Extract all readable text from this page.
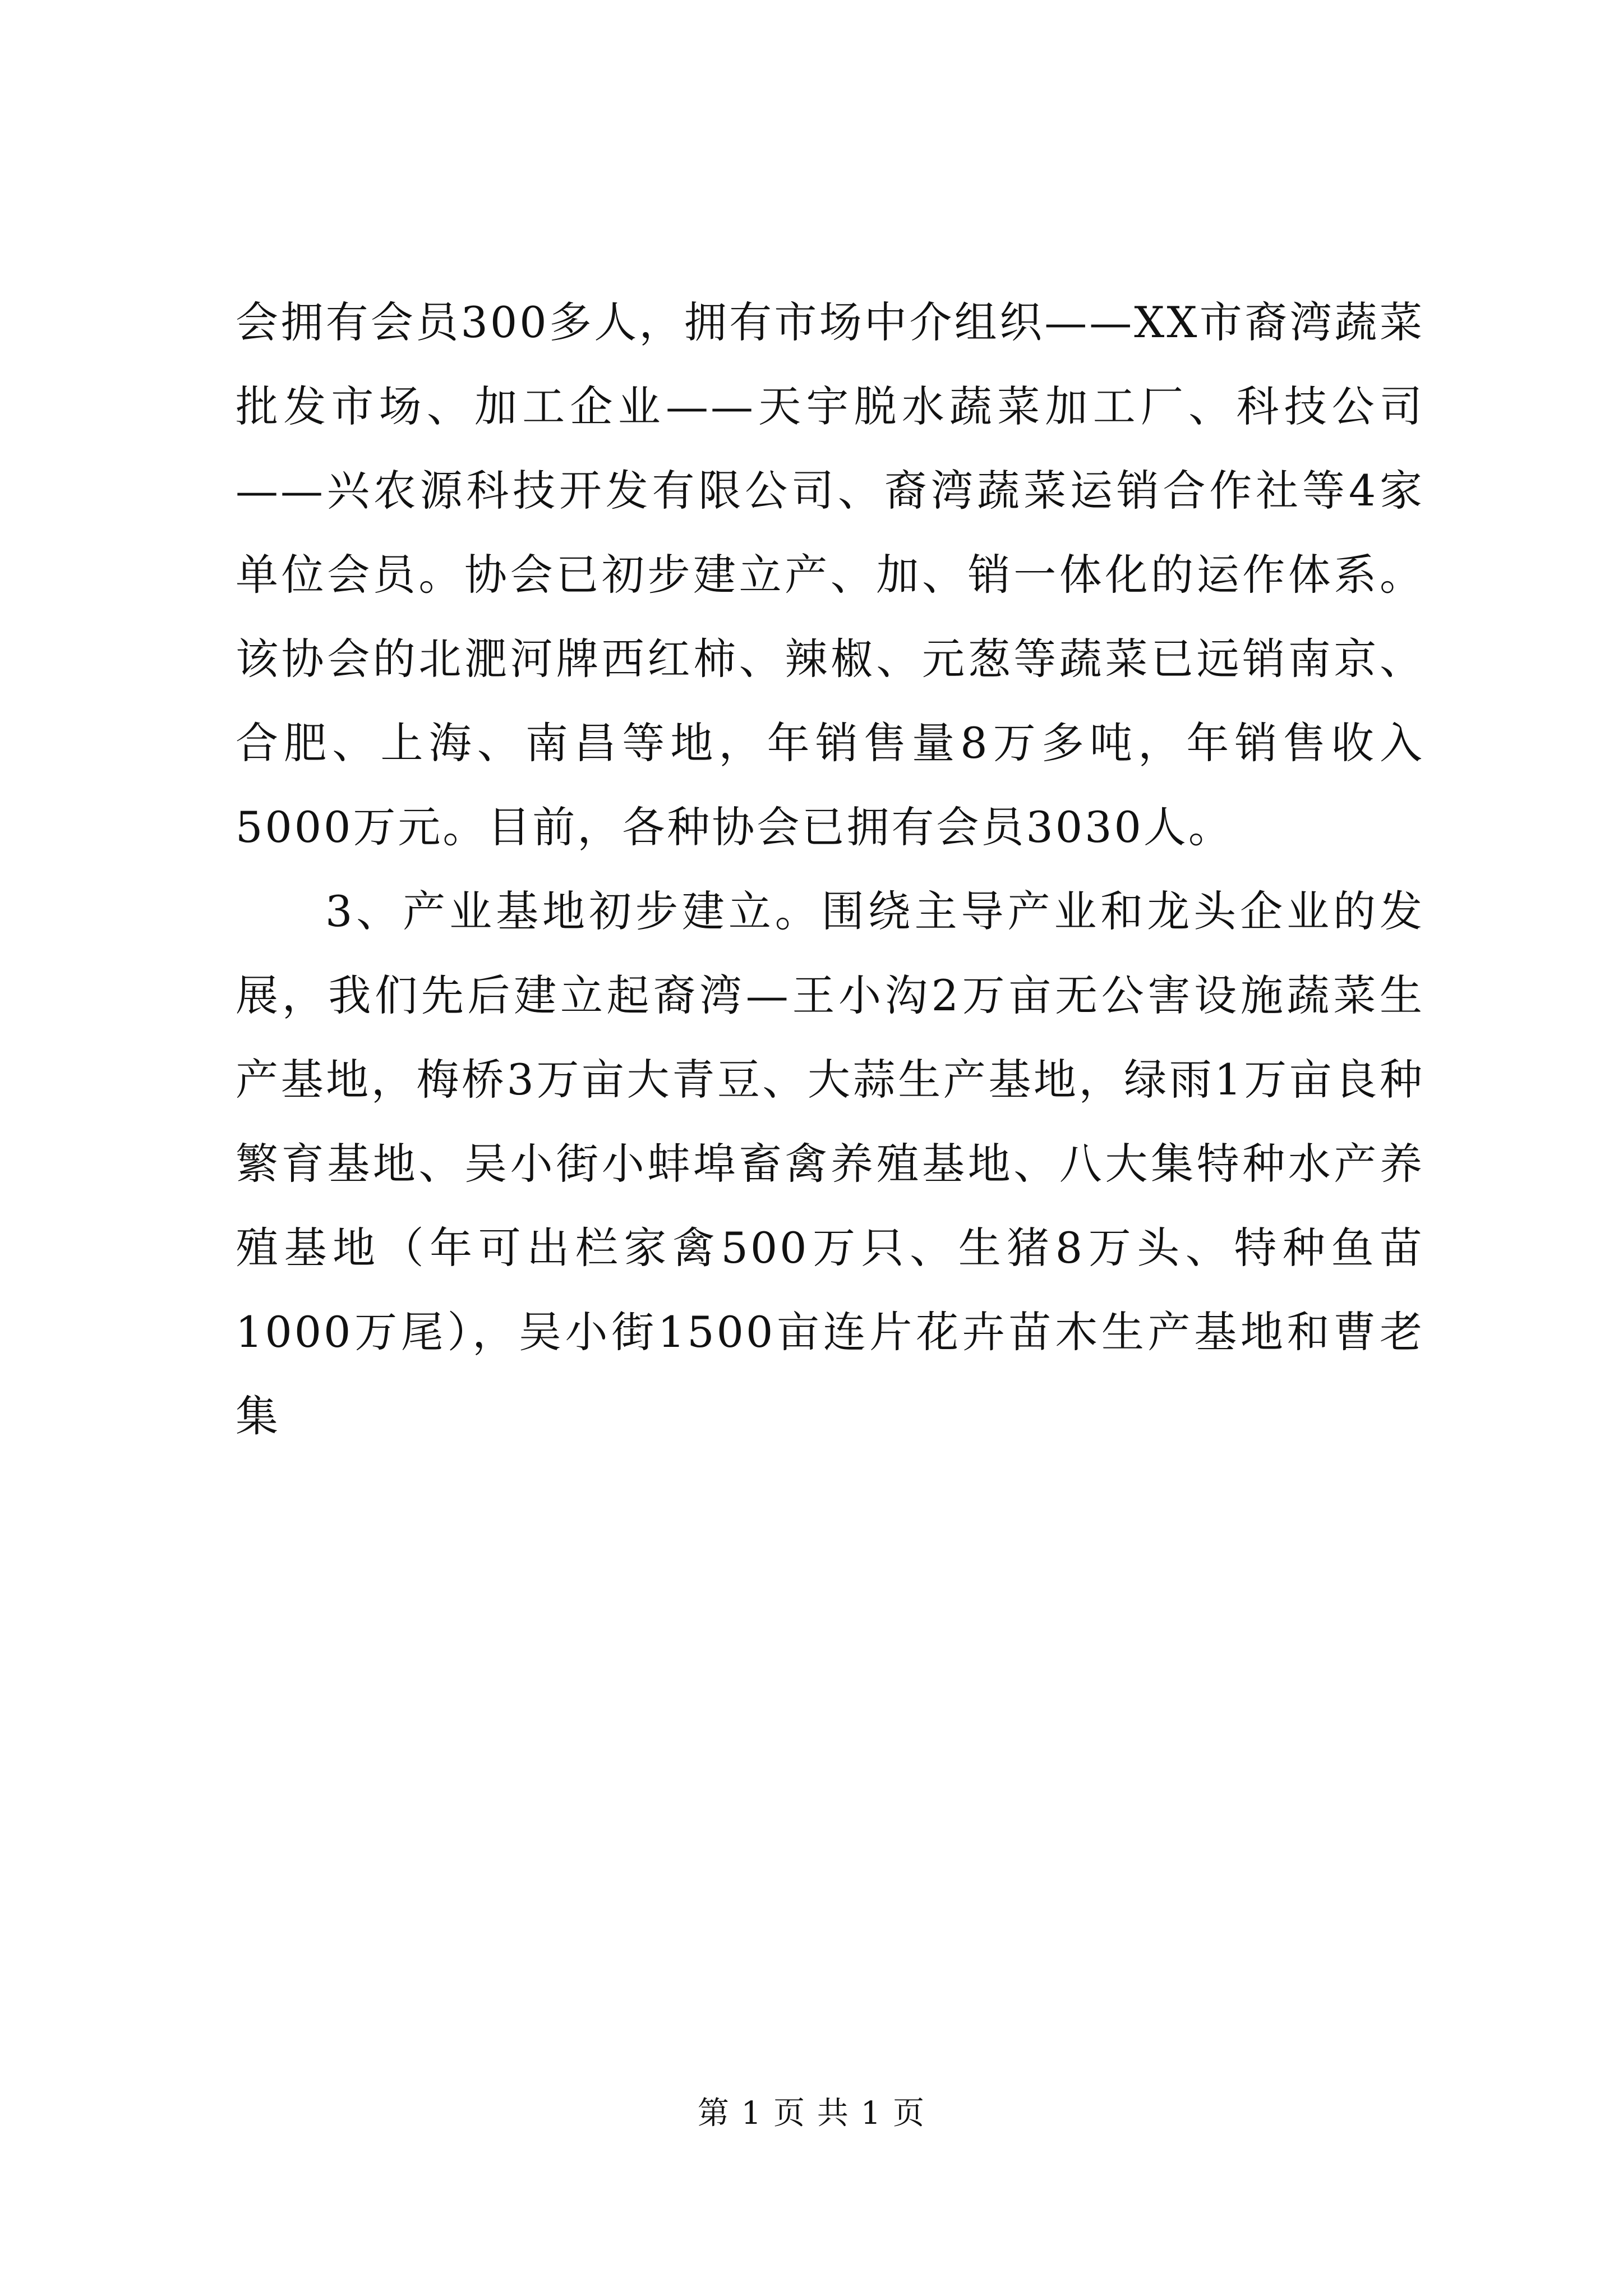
会拥有会员300多人，拥有市场中介组织——XX市裔湾蔬菜批发市场、加工企业——天宇脱水蔬菜加工厂、科技公司——兴农源科技开发有限公司、裔湾蔬菜运销合作社等4家单位会员。协会已初步建立产、加、销一体化的运作体系。该协会的北淝河牌西红柿、辣椒、元葱等蔬菜已远销南京、合肥、上海、南昌等地，年销售量8万多吨，年销售收入5000万元。目前，各种协会已拥有会员3030人。

3、产业基地初步建立。围绕主导产业和龙头企业的发展，我们先后建立起裔湾—王小沟2万亩无公害设施蔬菜生产基地，梅桥3万亩大青豆、大蒜生产基地，绿雨1万亩良种繁育基地、吴小街小蚌埠畜禽养殖基地、八大集特种水产养殖基地（年可出栏家禽500万只、生猪8万头、特种鱼苗1000万尾），吴小街1500亩连片花卉苗木生产基地和曹老集

第 1 页 共 1 页
